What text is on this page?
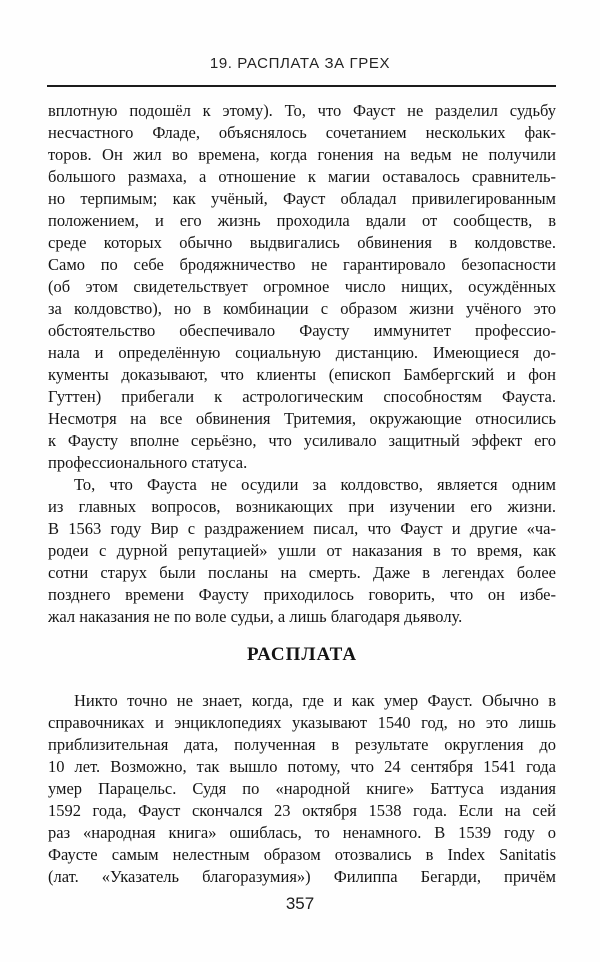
19. РАСПЛАТА ЗА ГРЕХ
вплотную подошёл к этому). То, что Фауст не разделил судьбу
несчастного Фладе, объяснялось сочетанием нескольких фак-
торов. Он жил во времена, когда гонения на ведьм не получили
большого размаха, а отношение к магии оставалось сравнитель-
но терпимым; как учёный, Фауст обладал привилегированным
положением, и его жизнь проходила вдали от сообществ, в
среде которых обычно выдвигались обвинения в колдовстве.
Само по себе бродяжничество не гарантировало безопасности
(об этом свидетельствует огромное число нищих, осуждённых
за колдовство), но в комбинации с образом жизни учёного это
обстоятельство обеспечивало Фаусту иммунитет профессио-
нала и определённую социальную дистанцию. Имеющиеся до-
кументы доказывают, что клиенты (епископ Бамбергский и фон
Гуттен) прибегали к астрологическим способностям Фауста.
Несмотря на все обвинения Тритемия, окружающие относились
к Фаусту вполне серьёзно, что усиливало защитный эффект его
профессионального статуса.
То, что Фауста не осудили за колдовство, является одним
из главных вопросов, возникающих при изучении его жизни.
В 1563 году Вир с раздражением писал, что Фауст и другие «ча-
родеи с дурной репутацией» ушли от наказания в то время, как
сотни старух были посланы на смерть. Даже в легендах более
позднего времени Фаусту приходилось говорить, что он избе-
жал наказания не по воле судьи, а лишь благодаря дьяволу.
РАСПЛАТА
Никто точно не знает, когда, где и как умер Фауст. Обычно в
справочниках и энциклопедиях указывают 1540 год, но это лишь
приблизительная дата, полученная в результате округления до
10 лет. Возможно, так вышло потому, что 24 сентября 1541 года
умер Парацельс. Судя по «народной книге» Баттуса издания
1592 года, Фауст скончался 23 октября 1538 года. Если на сей
раз «народная книга» ошиблась, то ненамного. В 1539 году о
Фаусте самым нелестным образом отозвались в Index Sanitatis
(лат. «Указатель благоразумия») Филиппа Бегарди, причём
357
